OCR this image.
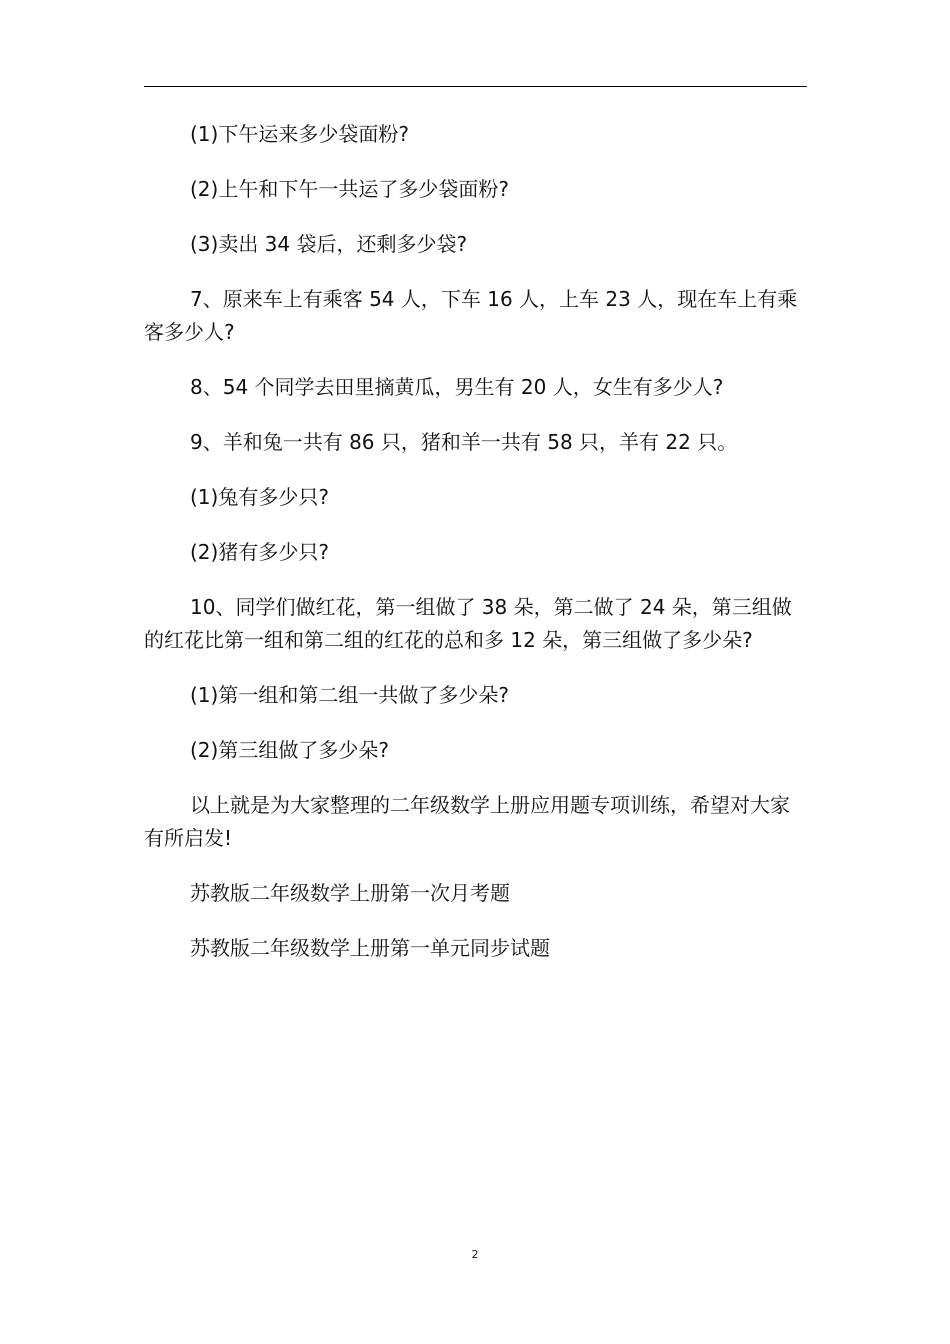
(1)下午运来多少袋面粉?

(2)上午和下午一共运了多少袋面粉?

(3)卖出 34 袋后，还剩多少袋?

7、原来车上有乘客 54 人，下车 16 人，上车 23 人，现在车上有乘客多少人?

8、54 个同学去田里摘黄瓜，男生有 20 人，女生有多少人?

9、羊和兔一共有 86 只，猪和羊一共有 58 只，羊有 22 只。

(1)兔有多少只?

(2)猪有多少只?

10、同学们做红花，第一组做了 38 朵，第二做了 24 朵，第三组做的红花比第一组和第二组的红花的总和多 12 朵，第三组做了多少朵?

(1)第一组和第二组一共做了多少朵?

(2)第三组做了多少朵?

以上就是为大家整理的二年级数学上册应用题专项训练，希望对大家有所启发!

苏教版二年级数学上册第一次月考题

苏教版二年级数学上册第一单元同步试题

2
